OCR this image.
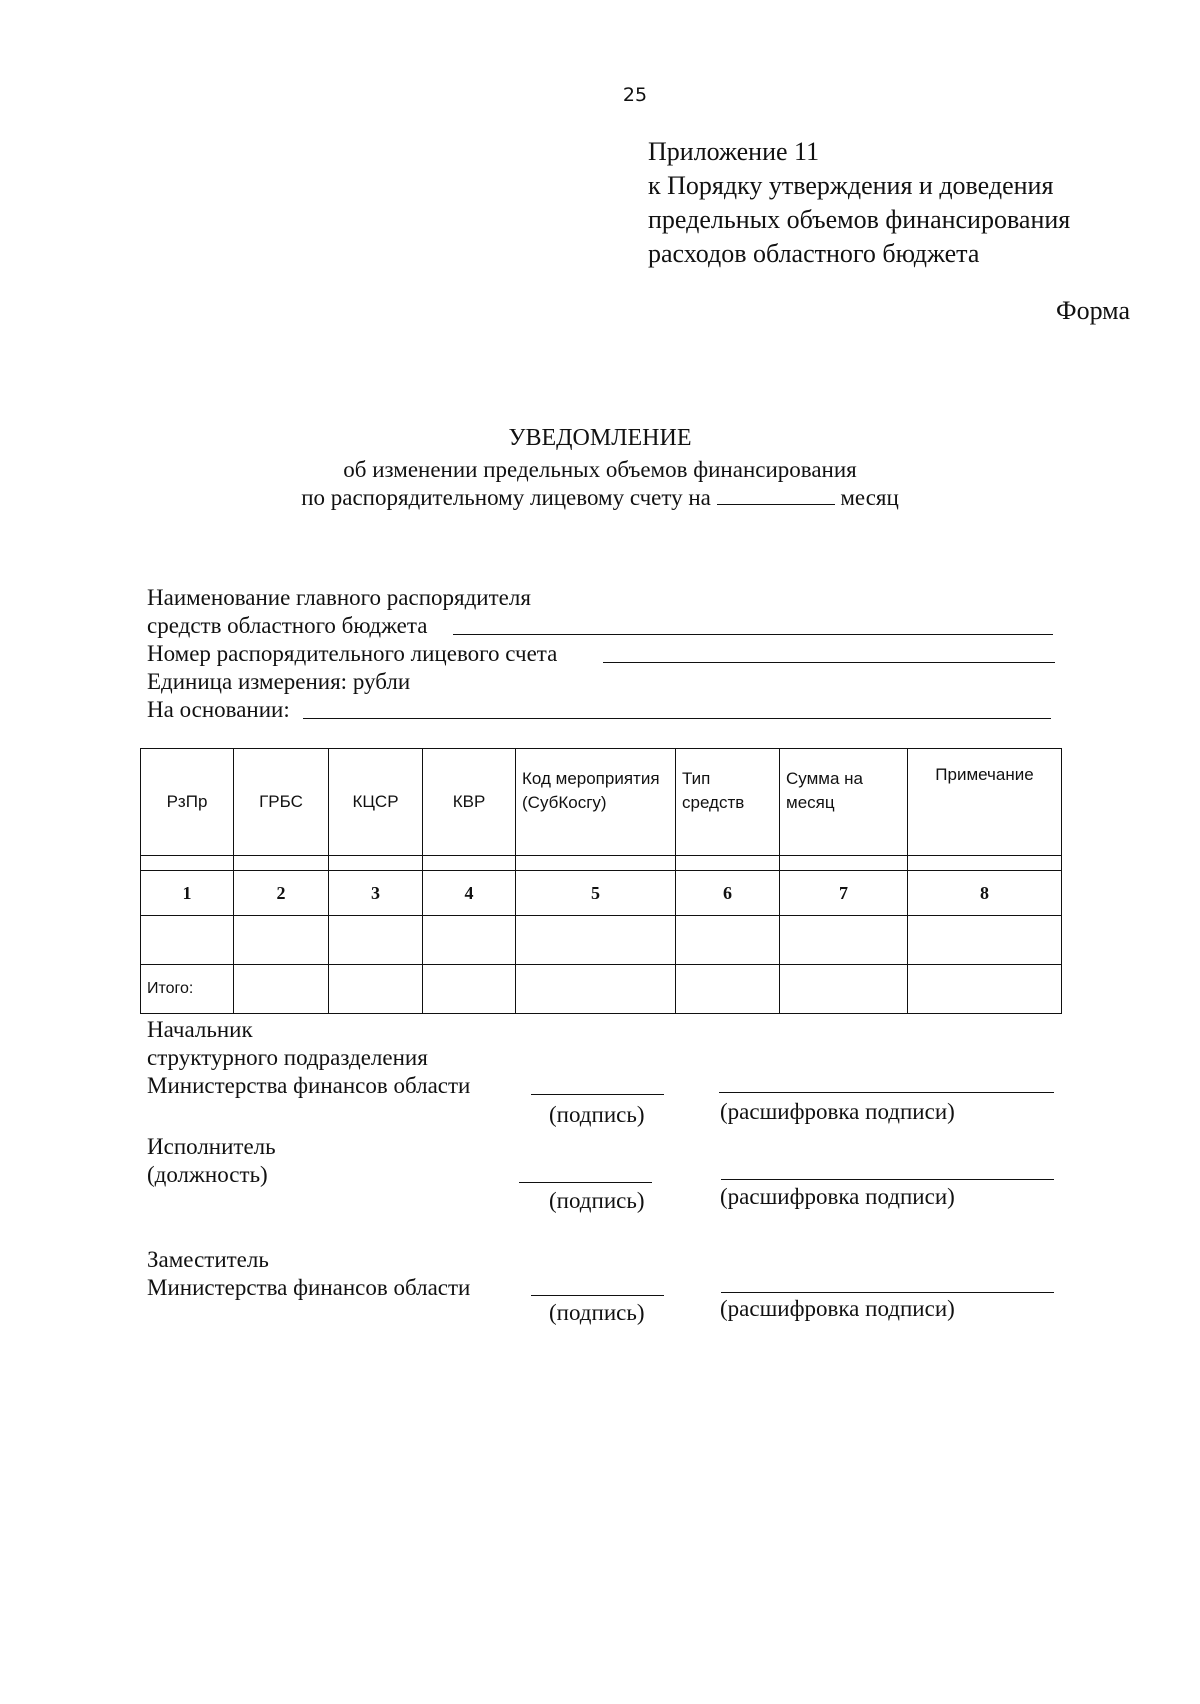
25
Приложение 11
к Порядку утверждения и доведения
предельных объемов финансирования
расходов областного бюджета
Форма
УВЕДОМЛЕНИЕ
об изменении предельных объемов финансирования
по распорядительному лицевому счету на	месяц
Наименование главного распорядителя
средств областного бюджета
Номер распорядительного лицевого счета
Единица измерения: рубли
На основании:
РзПр	ГРБС	КЦСР	КВР	Код мероприятия (СубКосгу)	Тип средств	Сумма на месяц	Примечание

1	2	3	4	5	6	7	8

Итого:							
Начальник
структурного подразделения
Министерства финансов области
(подпись)	(расшифровка подписи)
Исполнитель
(должность)
(подпись)	(расшифровка подписи)
Заместитель
Министерства финансов области
(подпись)	(расшифровка подписи)
